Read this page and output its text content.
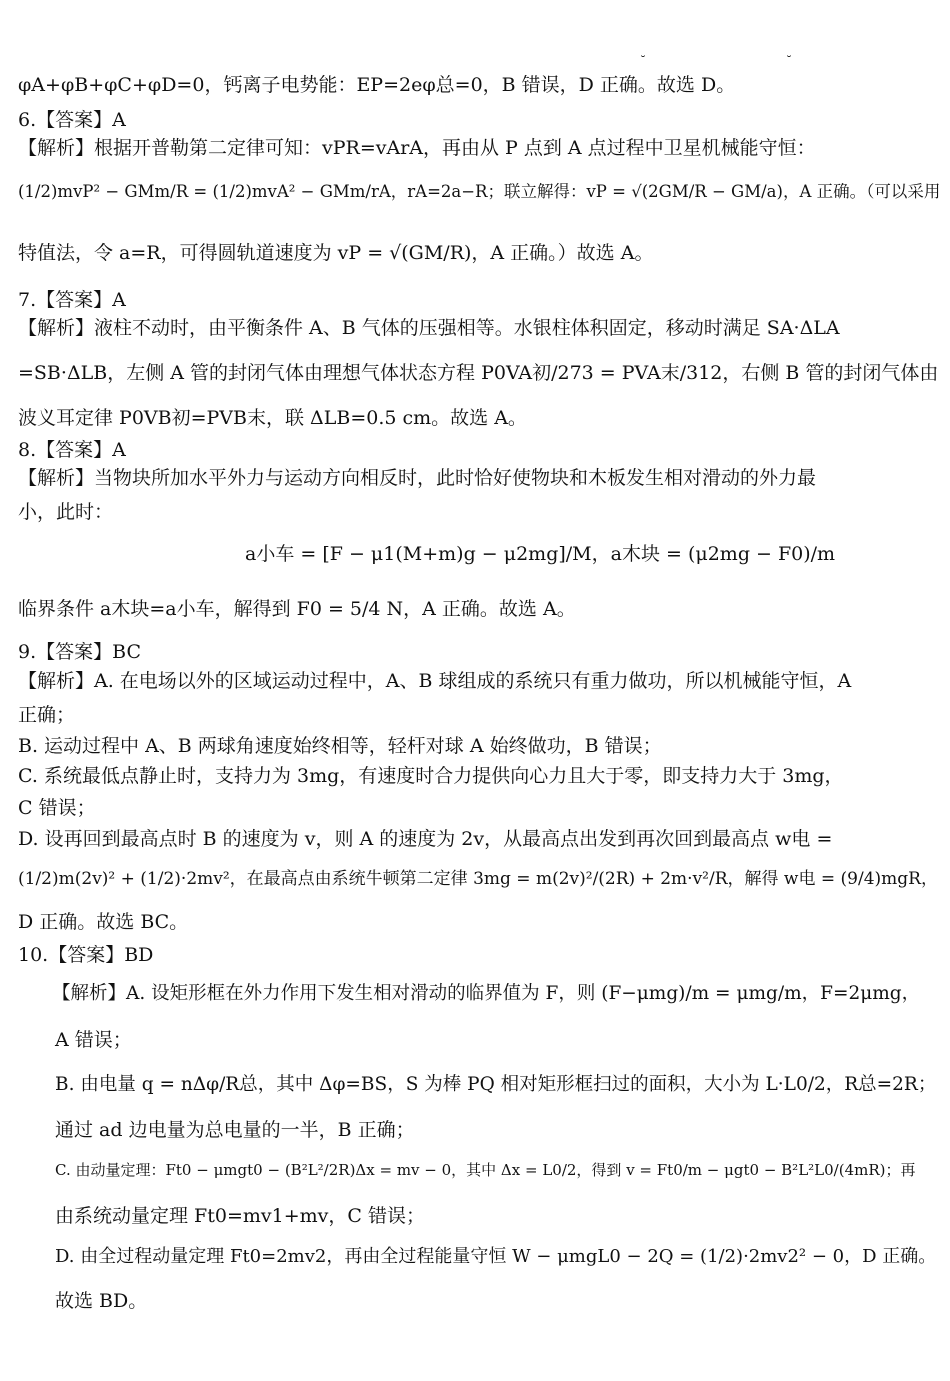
˘˘
φA+φB+φC+φD=0，钙离子电势能：EP=2eφ总=0，B 错误，D 正确。故选 D。
6.【答案】A
【解析】根据开普勒第二定律可知：vPR=vArA，再由从 P 点到 A 点过程中卫星机械能守恒：
(1/2)mvP² − GMm/R = (1/2)mvA² − GMm/rA，rA=2a−R；联立解得：vP = √(2GM/R − GM/a)，A 正确。（可以采用
特值法，令 a=R，可得圆轨道速度为 vP = √(GM/R)，A 正确。）故选 A。
7.【答案】A
【解析】液柱不动时，由平衡条件 A、B 气体的压强相等。水银柱体积固定，移动时满足 SA·ΔLA
=SB·ΔLB，左侧 A 管的封闭气体由理想气体状态方程 P0VA初/273 = PVA末/312，右侧 B 管的封闭气体由
波义耳定律 P0VB初=PVB末，联 ΔLB=0.5 cm。故选 A。
8.【答案】A
【解析】当物块所加水平外力与运动方向相反时，此时恰好使物块和木板发生相对滑动的外力最
小，此时：
a小车 = [F − μ1(M+m)g − μ2mg]/M，a木块 = (μ2mg − F0)/m
临界条件 a木块=a小车，解得到 F0 = 5/4 N，A 正确。故选 A。
9.【答案】BC
【解析】A. 在电场以外的区域运动过程中，A、B 球组成的系统只有重力做功，所以机械能守恒，A
正确；
B. 运动过程中 A、B 两球角速度始终相等，轻杆对球 A 始终做功，B 错误；
C. 系统最低点静止时，支持力为 3mg，有速度时合力提供向心力且大于零，即支持力大于 3mg，
C 错误；
D. 设再回到最高点时 B 的速度为 v，则 A 的速度为 2v，从最高点出发到再次回到最高点 w电 =
(1/2)m(2v)² + (1/2)·2mv²，在最高点由系统牛顿第二定律 3mg = m(2v)²/(2R) + 2m·v²/R，解得 w电 = (9/4)mgR，
D 正确。故选 BC。
10.【答案】BD
【解析】A. 设矩形框在外力作用下发生相对滑动的临界值为 F，则 (F−μmg)/m = μmg/m，F=2μmg，
A 错误；
B. 由电量 q = nΔφ/R总，其中 Δφ=BS，S 为棒 PQ 相对矩形框扫过的面积，大小为 L·L0/2，R总=2R；
通过 ad 边电量为总电量的一半，B 正确；
C. 由动量定理：Ft0 − μmgt0 − (B²L²/2R)Δx = mv − 0，其中 Δx = L0/2，得到 v = Ft0/m − μgt0 − B²L²L0/(4mR)；再
由系统动量定理 Ft0=mv1+mv，C 错误；
D. 由全过程动量定理 Ft0=2mv2，再由全过程能量守恒 W − μmgL0 − 2Q = (1/2)·2mv2² − 0，D 正确。
故选 BD。
